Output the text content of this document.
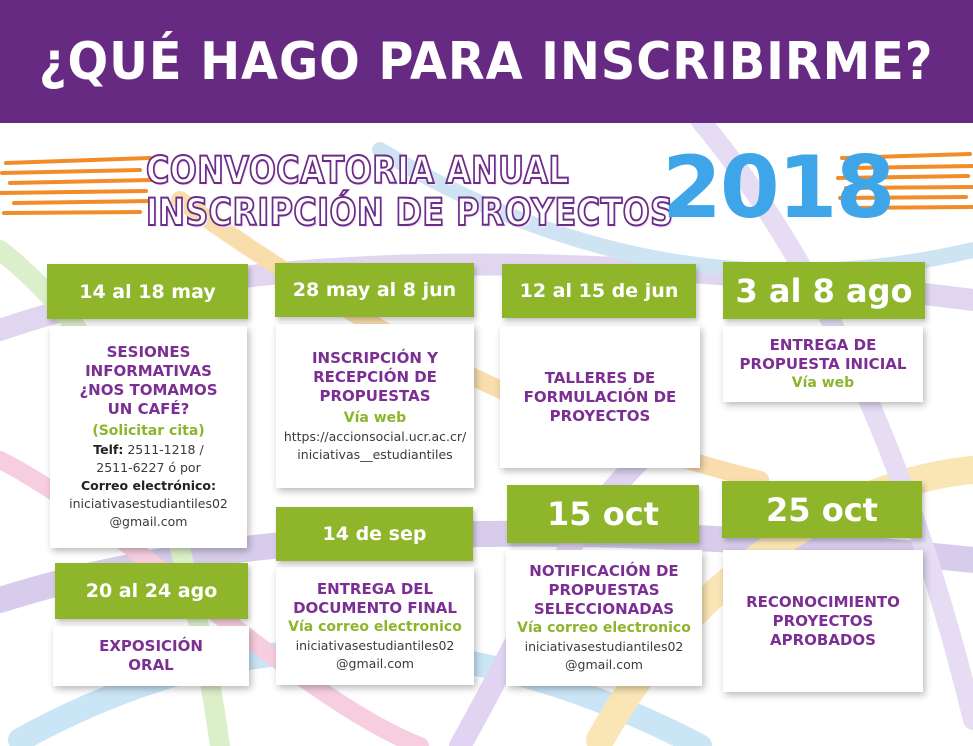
¿QUÉ HAGO PARA INSCRIBIRME?
CONVOCATORIA ANUAL
INSCRIPCIÓN DE PROYECTOS
2018
14 al 18 may
SESIONES INFORMATIVAS ¿NOS TOMAMOS UN CAFÉ?
(Solicitar cita)
Telf: 2511-1218 /
2511-6227 ó por
Correo electrónico:
iniciativasestudiantiles02
@gmail.com
28 may al 8 jun
INSCRIPCIÓN Y RECEPCIÓN DE PROPUESTAS
Vía web
https://accionsocial.ucr.ac.cr/
iniciativas__estudiantiles
12 al 15 de jun
TALLERES DE FORMULACIÓN DE PROYECTOS
3 al 8 ago
ENTREGA DE PROPUESTA INICIAL
Vía web
20 al 24 ago
EXPOSICIÓN ORAL
14 de sep
ENTREGA DEL DOCUMENTO FINAL
Vía correo electronico
iniciativasestudiantiles02
@gmail.com
15 oct
NOTIFICACIÓN DE PROPUESTAS SELECCIONADAS
Vía correo electronico
iniciativasestudiantiles02
@gmail.com
25 oct
RECONOCIMIENTO PROYECTOS APROBADOS
